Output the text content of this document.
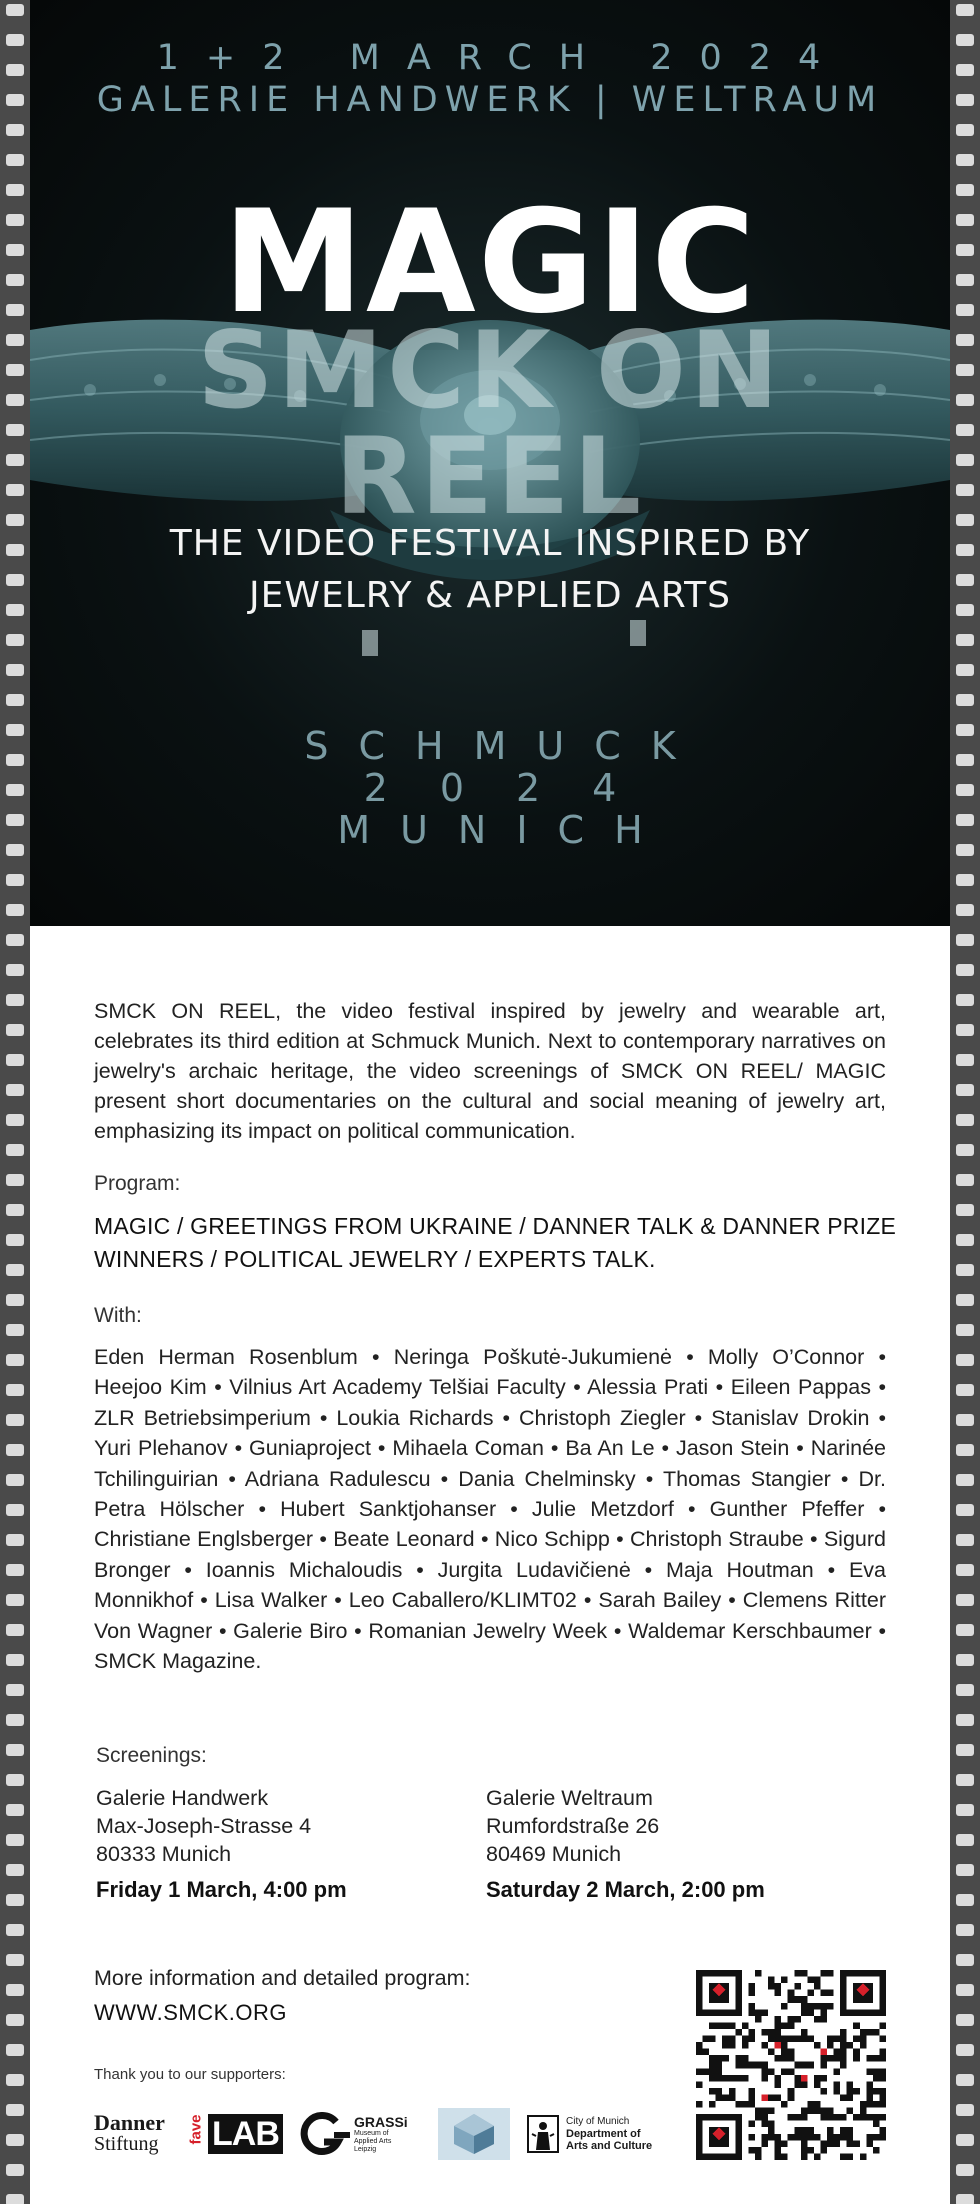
1+2 MARCH 2024
GALERIE HANDWERK | WELTRAUM
MAGIC
SMCK ON REEL
THE VIDEO FESTIVAL INSPIRED BY
JEWELRY & APPLIED ARTS
SCHMUCK
2024
MUNICH

SMCK ON REEL, the video festival inspired by jewelry and wearable art, celebrates its third edition at Schmuck Munich. Next to contemporary narratives on jewelry's archaic heritage, the video screenings of SMCK ON REEL/ MAGIC present short documentaries on the cultural and social meaning of jewelry art, emphasizing its impact on political communication.

Program:
MAGIC / GREETINGS FROM UKRAINE / DANNER TALK & DANNER PRIZE WINNERS / POLITICAL JEWELRY / EXPERTS TALK.
With:

Eden Herman Rosenblum • Neringa Poškutė-Jukumienė • Molly O’Connor • Heejoo Kim • Vilnius Art Academy Telšiai Faculty • Alessia Prati • Eileen Pappas • ZLR Betriebsimperium • Loukia Richards • Christoph Ziegler • Stanislav Drokin • Yuri Plehanov • Guniaproject • Mihaela Coman • Ba An Le • Jason Stein • Narinée Tchilinguirian • Adriana Radulescu • Dania Chelminsky • Thomas Stangier • Dr. Petra Hölscher • Hubert Sanktjohanser • Julie Metzdorf • Gunther Pfeffer • Christiane Englsberger • Beate Leonard • Nico Schipp • Christoph Straube • Sigurd Bronger • Ioannis Michaloudis • Jurgita Ludavičienė • Maja Houtman • Eva Monnikhof • Lisa Walker • Leo Caballero/KLIMT02 • Sarah Bailey • Clemens Ritter Von Wagner • Galerie Biro • Romanian Jewelry Week • Waldemar Kerschbaumer • SMCK Magazine.

Screenings:
Galerie Handwerk
Max-Joseph-Strasse 4
80333 Munich
Friday 1 March, 4:00 pm
Galerie Weltraum
Rumfordstraße 26
80469 Munich
Saturday 2 March, 2:00 pm
More information and detailed program:
WWW.SMCK.ORG
Thank you to our supporters:
Danner
Stiftung fave LAB	GRASSi
Museum of
Applied Arts
Leipzig
City of Munich
Department of
Arts and Culture
